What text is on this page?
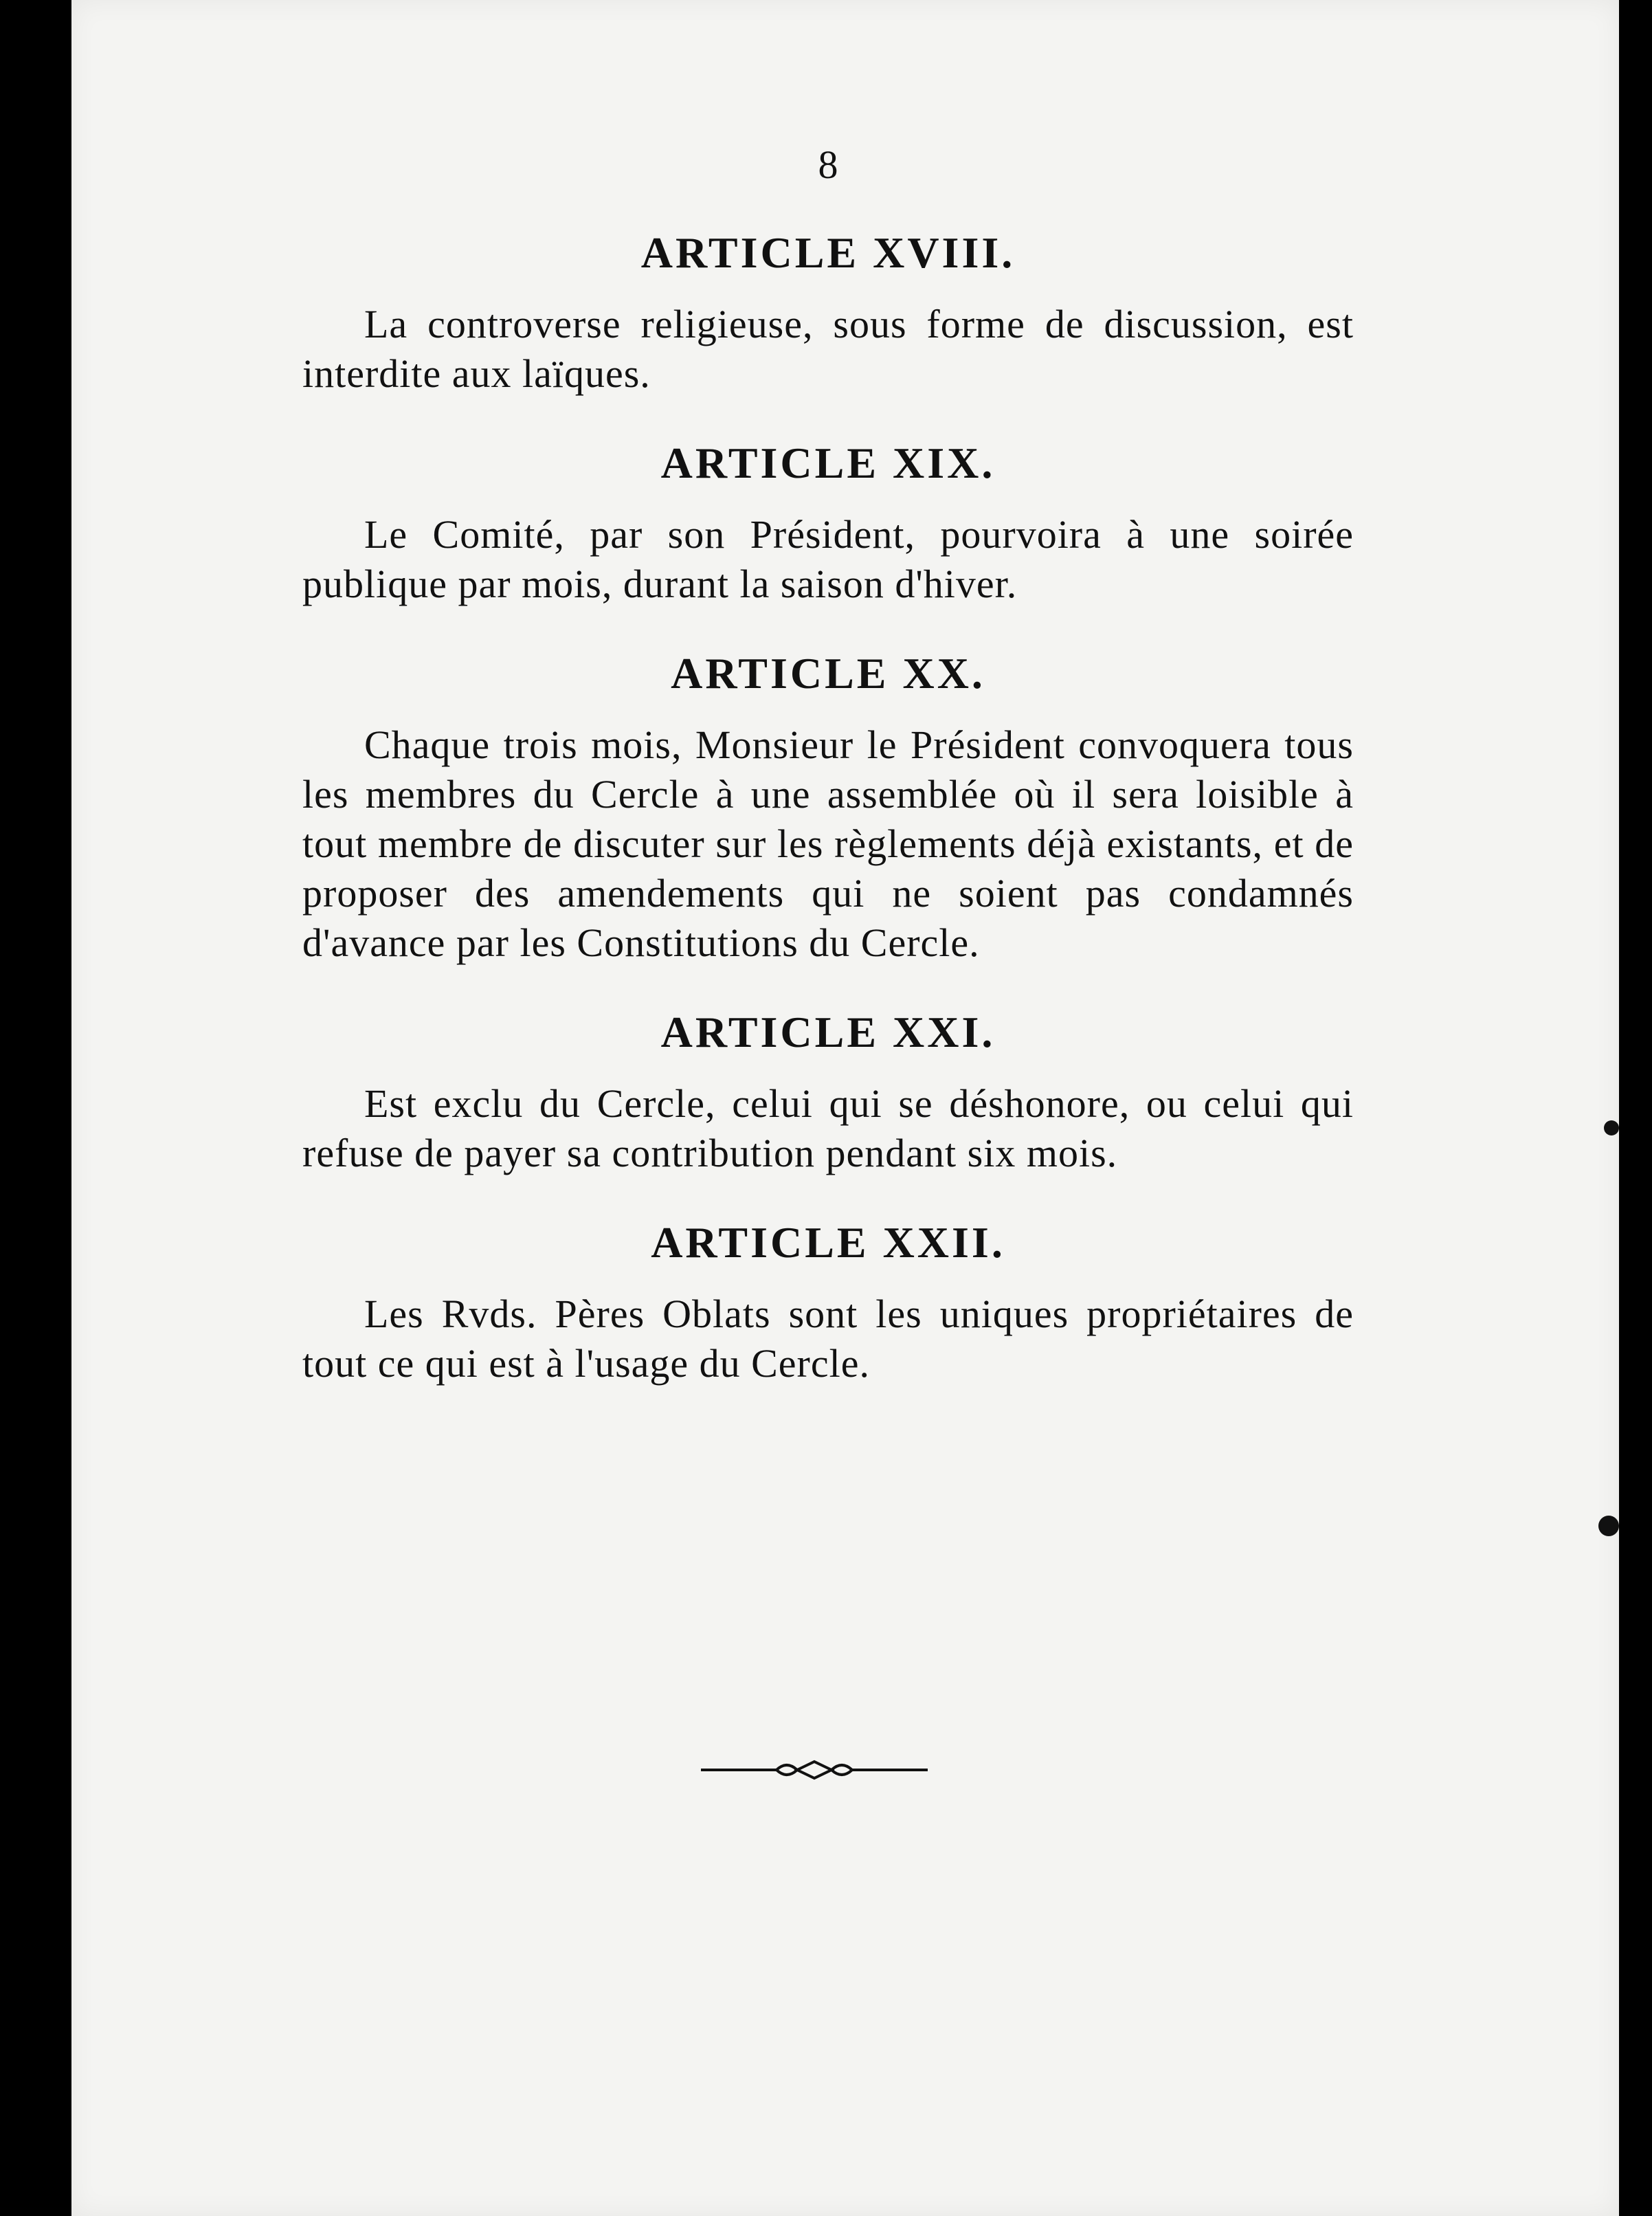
8
ARTICLE XVIII.

La controverse religieuse, sous forme de discussion, est interdite aux laïques.

ARTICLE XIX.

Le Comité, par son Président, pourvoira à une soirée publique par mois, durant la saison d'hiver.

ARTICLE XX.

Chaque trois mois, Monsieur le Président convoquera tous les membres du Cercle à une assemblée où il sera loisible à tout membre de discuter sur les règlements déjà existants, et de proposer des amendements qui ne soient pas condamnés d'avance par les Constitutions du Cercle.

ARTICLE XXI.

Est exclu du Cercle, celui qui se déshonore, ou celui qui refuse de payer sa contribution pendant six mois.

ARTICLE XXII.

Les Rvds. Pères Oblats sont les uniques propriétaires de tout ce qui est à l'usage du Cercle.
